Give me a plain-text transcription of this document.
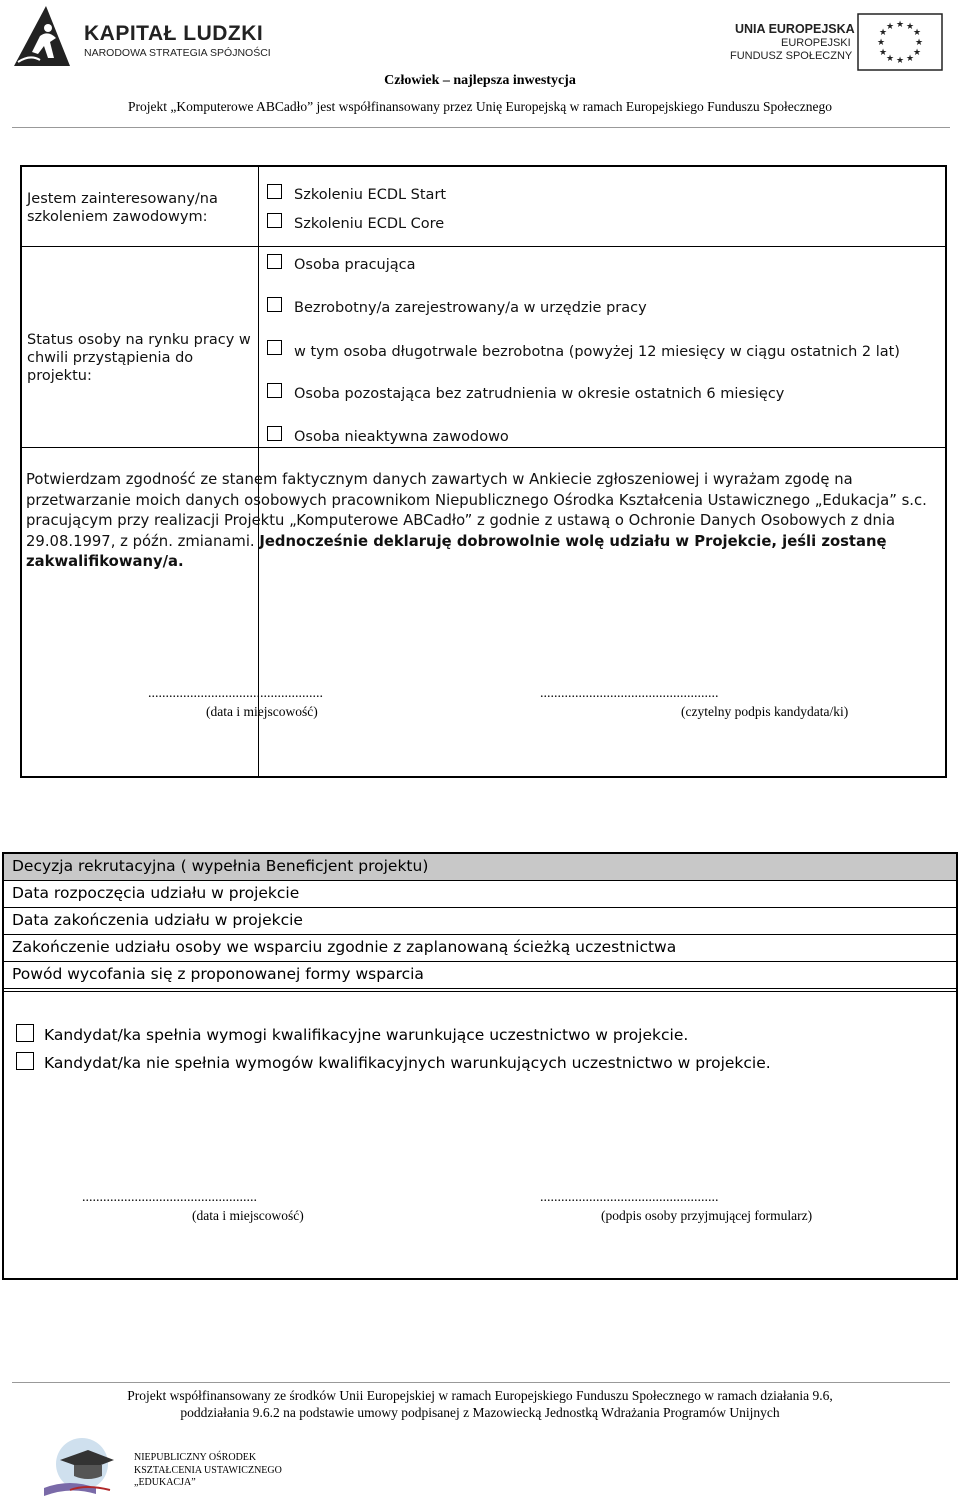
KAPITAŁ LUDZKI
NARODOWA STRATEGIA SPÓJNOŚCI
UNIA EUROPEJSKA
EUROPEJSKI
FUNDUSZ SPOŁECZNY
★ ★
★
★
★
★
★
★
★
★
★
★
Człowiek – najlepsza inwestycja
Projekt „Komputerowe ABCadło” jest współfinansowany przez Unię Europejską w ramach Europejskiego Funduszu Społecznego
Jestem zainteresowany/na szkoleniem zawodowym:
Szkoleniu ECDL Start
Szkoleniu ECDL Core
Status osoby na rynku pracy w chwili przystąpienia do projektu:
Osoba pracująca
Bezrobotny/a zarejestrowany/a w urzędzie pracy
w tym osoba długotrwale bezrobotna (powyżej 12 miesięcy w ciągu ostatnich 2 lat)
Osoba pozostająca bez zatrudnienia w okresie ostatnich 6 miesięcy
Osoba nieaktywna zawodowo
Potwierdzam zgodność ze stanem faktycznym danych zawartych w Ankiecie zgłoszeniowej i wyrażam zgodę na przetwarzanie moich danych osobowych pracownikom Niepublicznego Ośrodka Kształcenia Ustawicznego „Edukacja” s.c. pracującym przy realizacji Projektu „Komputerowe ABCadło” z godnie z ustawą o Ochronie Danych Osobowych z dnia 29.08.1997, z późn. zmianami. Jednocześnie deklaruję dobrowolnie wolę udziału w Projekcie, jeśli zostanę zakwalifikowany/a.
..................................................
(data i miejscowość)
...................................................
(czytelny podpis kandydata/ki)
Decyzja rekrutacyjna ( wypełnia Beneficjent projektu)
Data rozpoczęcia udziału w projekcie
Data zakończenia udziału w projekcie
Zakończenie udziału osoby we wsparciu zgodnie z zaplanowaną ścieżką uczestnictwa
Powód wycofania się z proponowanej formy wsparcia
Kandydat/ka spełnia wymogi kwalifikacyjne warunkujące uczestnictwo w projekcie.
Kandydat/ka nie spełnia wymogów kwalifikacyjnych warunkujących uczestnictwo w projekcie.
..................................................
(data i miejscowość)
...................................................
(podpis osoby przyjmującej formularz)
Projekt współfinansowany ze środków Unii Europejskiej w ramach Europejskiego Funduszu Społecznego w ramach działania 9.6,
poddziałania 9.6.2 na podstawie umowy podpisanej z Mazowiecką Jednostką Wdrażania Programów Unijnych
NIEPUBLICZNY OŚRODEK
KSZTAŁCENIA USTAWICZNEGO
„EDUKACJA”
